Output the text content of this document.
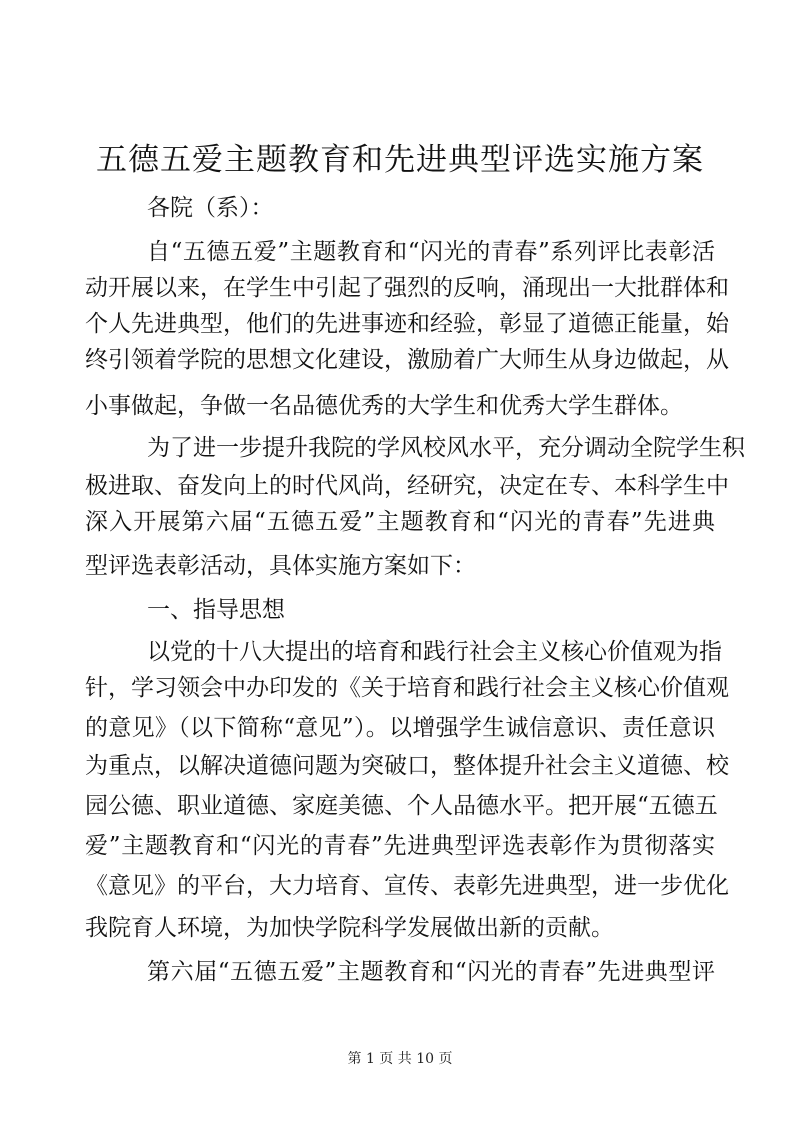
五德五爱主题教育和先进典型评选实施方案

各院（系）：

自“五德五爱”主题教育和“闪光的青春”系列评比表彰活

动开展以来，在学生中引起了强烈的反响，涌现出一大批群体和

个人先进典型，他们的先进事迹和经验，彰显了道德正能量，始

终引领着学院的思想文化建设，激励着广大师生从身边做起，从

小事做起，争做一名品德优秀的大学生和优秀大学生群体。

为了进一步提升我院的学风校风水平，充分调动全院学生积

极进取、奋发向上的时代风尚，经研究，决定在专、本科学生中

深入开展第六届“五德五爱”主题教育和“闪光的青春”先进典

型评选表彰活动，具体实施方案如下：

一、指导思想

以党的十八大提出的培育和践行社会主义核心价值观为指

针，学习领会中办印发的《关于培育和践行社会主义核心价值观

的意见》（以下简称“意见”）。以增强学生诚信意识、责任意识

为重点，以解决道德问题为突破口，整体提升社会主义道德、校

园公德、职业道德、家庭美德、个人品德水平。把开展“五德五

爱”主题教育和“闪光的青春”先进典型评选表彰作为贯彻落实

《意见》的平台，大力培育、宣传、表彰先进典型，进一步优化

我院育人环境，为加快学院科学发展做出新的贡献。

第六届“五德五爱”主题教育和“闪光的青春”先进典型评

第 1 页 共 10 页
